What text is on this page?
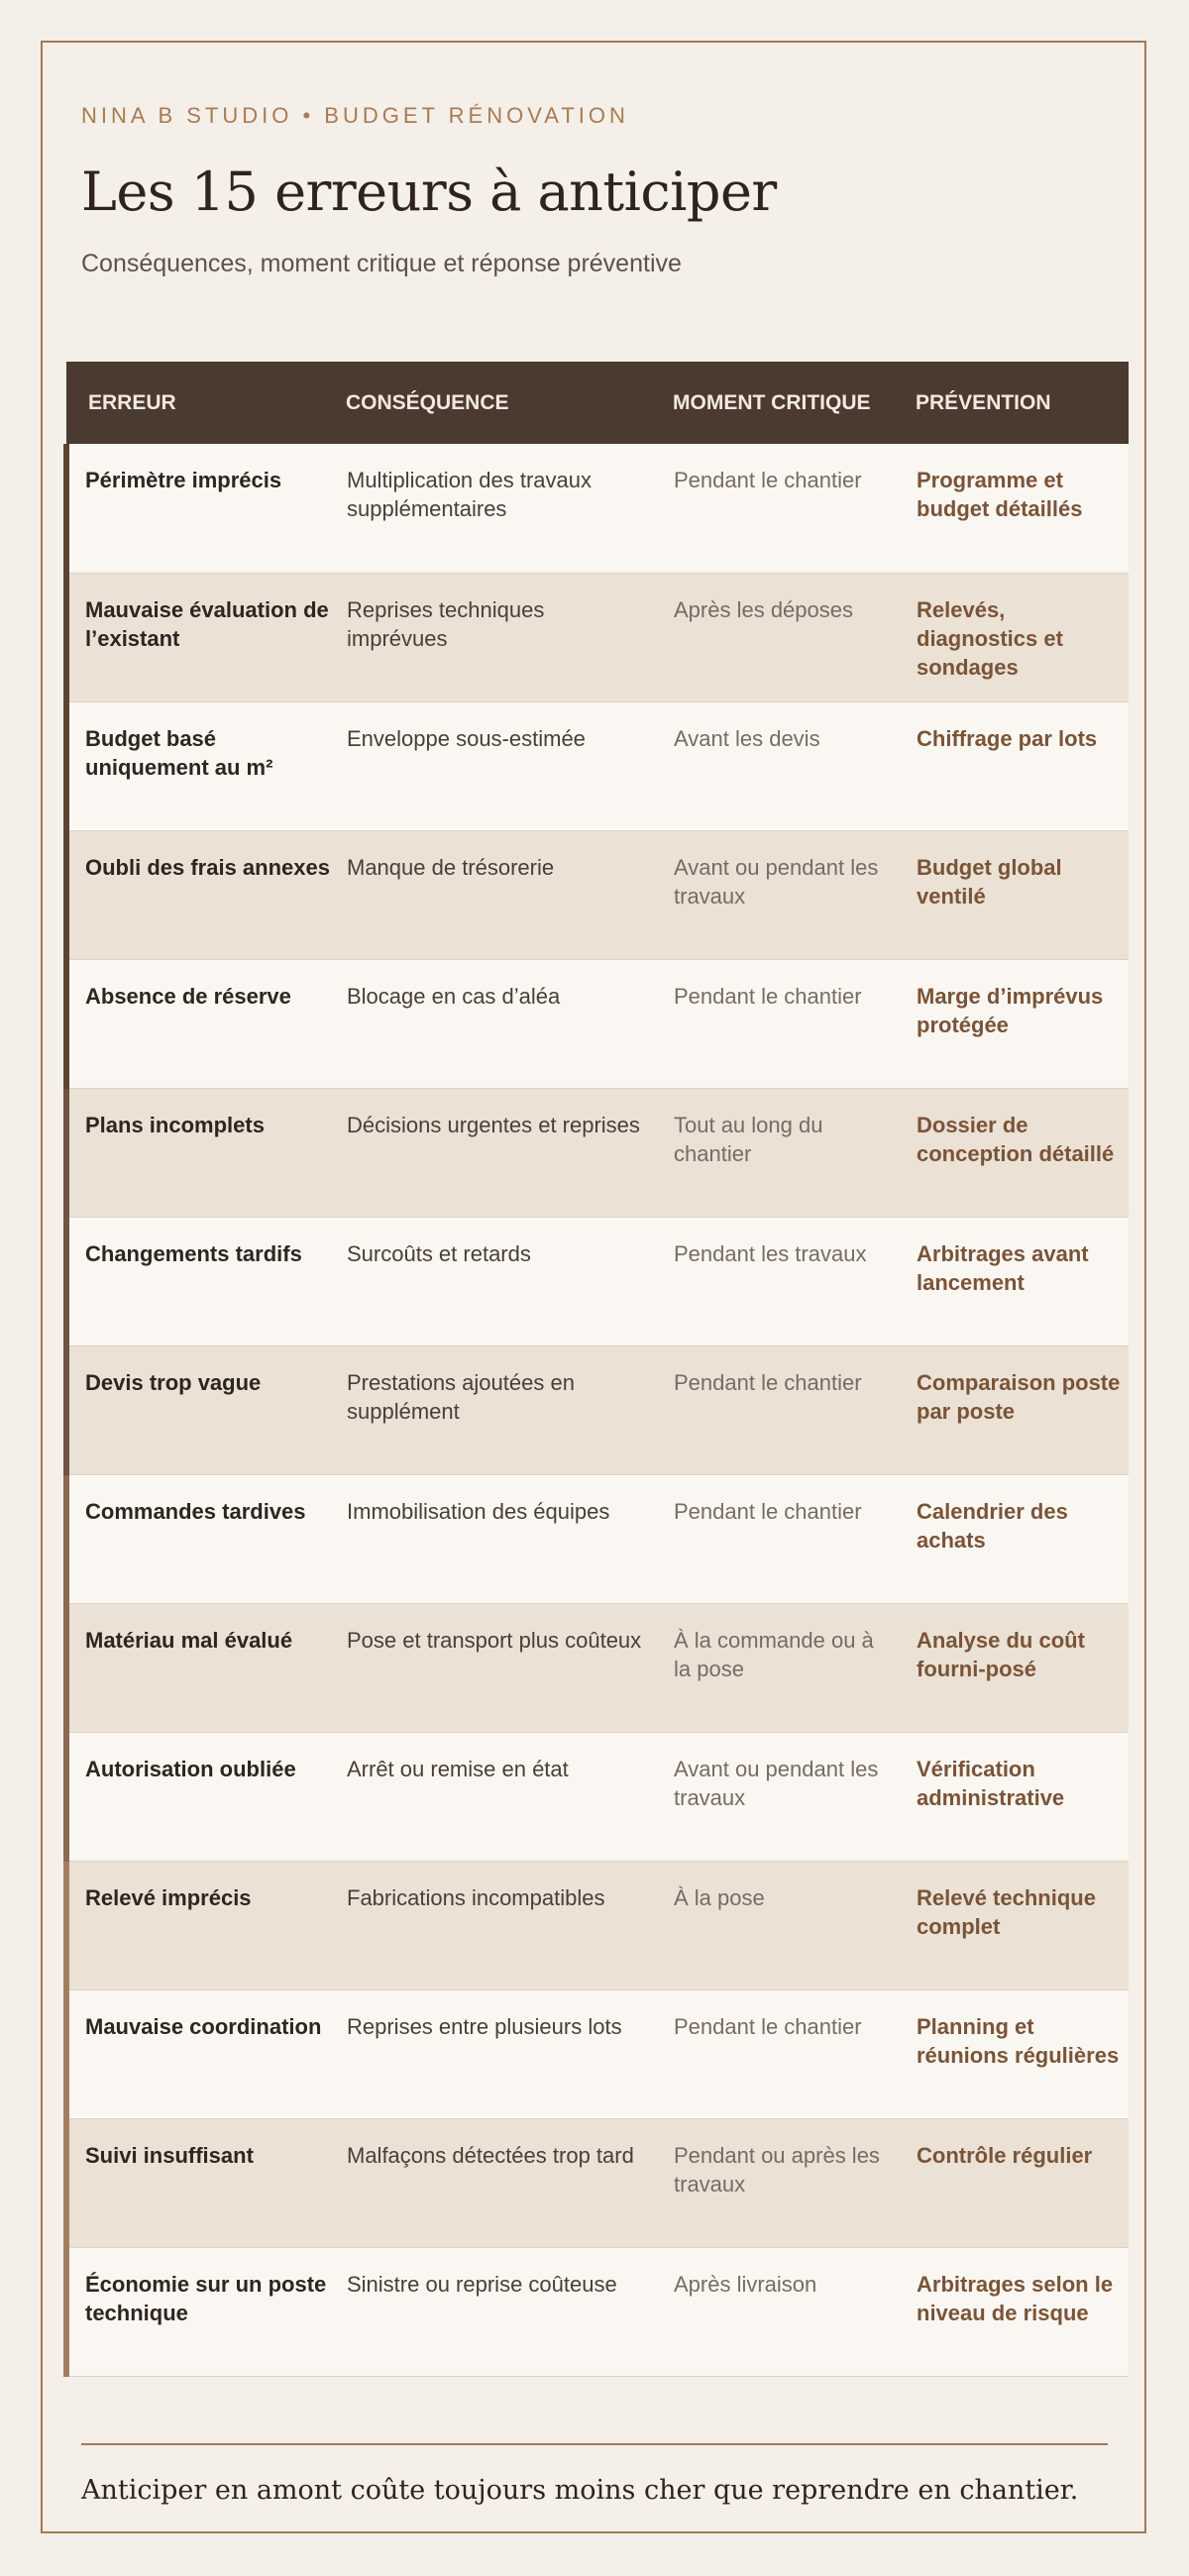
NINA B STUDIO • BUDGET RÉNOVATION
Les 15 erreurs à anticiper
Conséquences, moment critique et réponse préventive
ERREUR	CONSÉQUENCE	MOMENT CRITIQUE	PRÉVENTION
Périmètre imprécis	Multiplication des travaux supplémentaires	Pendant le chantier	Programme et budget détaillés
Mauvaise évaluation de l’existant	Reprises techniques imprévues	Après les déposes	Relevés, diagnostics et sondages
Budget basé uniquement au m²	Enveloppe sous-estimée	Avant les devis	Chiffrage par lots
Oubli des frais annexes	Manque de trésorerie	Avant ou pendant les travaux	Budget global ventilé
Absence de réserve	Blocage en cas d’aléa	Pendant le chantier	Marge d’imprévus protégée
Plans incomplets	Décisions urgentes et reprises	Tout au long du chantier	Dossier de conception détaillé
Changements tardifs	Surcoûts et retards	Pendant les travaux	Arbitrages avant lancement
Devis trop vague	Prestations ajoutées en supplément	Pendant le chantier	Comparaison poste par poste
Commandes tardives	Immobilisation des équipes	Pendant le chantier	Calendrier des achats
Matériau mal évalué	Pose et transport plus coûteux	À la commande ou à la pose	Analyse du coût fourni-posé
Autorisation oubliée	Arrêt ou remise en état	Avant ou pendant les travaux	Vérification administrative
Relevé imprécis	Fabrications incompatibles	À la pose	Relevé technique complet
Mauvaise coordination	Reprises entre plusieurs lots	Pendant le chantier	Planning et réunions régulières
Suivi insuffisant	Malfaçons détectées trop tard	Pendant ou après les travaux	Contrôle régulier
Économie sur un poste technique	Sinistre ou reprise coûteuse	Après livraison	Arbitrages selon le niveau de risque
Anticiper en amont coûte toujours moins cher que reprendre en chantier.
